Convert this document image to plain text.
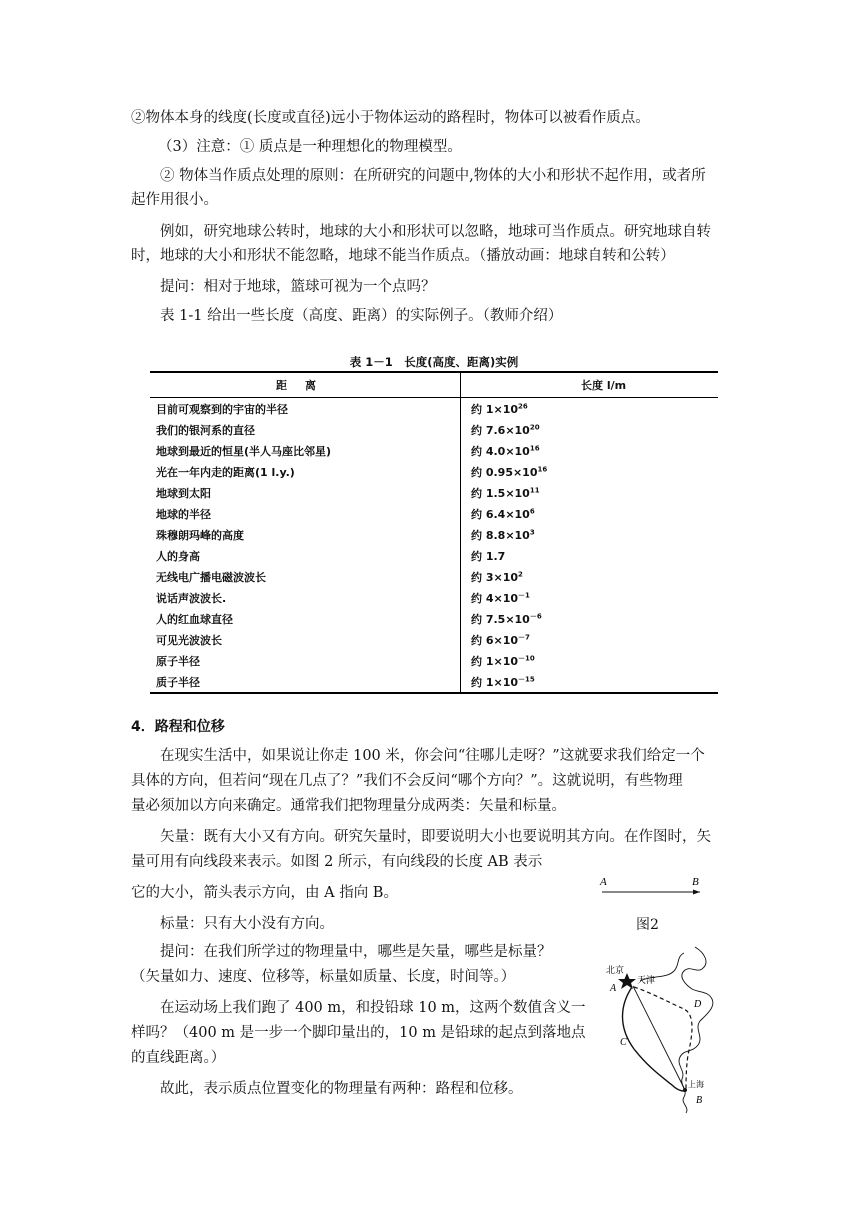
②物体本身的线度(长度或直径)远小于物体运动的路程时，物体可以被看作质点。
（3）注意：① 质点是一种理想化的物理模型。
② 物体当作质点处理的原则：在所研究的问题中,物体的大小和形状不起作用，或者所
起作用很小。
例如，研究地球公转时，地球的大小和形状可以忽略，地球可当作质点。研究地球自转
时，地球的大小和形状不能忽略，地球不能当作质点。（播放动画：地球自转和公转）
提问：相对于地球，篮球可视为一个点吗？
表 1-1 给出一些长度（高度、距离）的实际例子。（教师介绍）
表 1－1　长度(高度、距离)实例
距离	长度 l/m
目前可观察到的宇宙的半径	约 $1\times 10^{26}$
我们的银河系的直径	约 $7.6\times 10^{20}$
地球到最近的恒星(半人马座比邻星)	约 $4.0\times 10^{16}$
光在一年内走的距离(1 l.y.)	约 $0.95\times 10^{16}$
地球到太阳	约 $1.5\times 10^{11}$
地球的半径	约 $6.4\times 10^6$
珠穆朗玛峰的高度	约 $8.8\times 10^3$
人的身高	约 1.7
无线电广播电磁波波长	约 $3\times 10^2$
说话声波波长.	约 $4\times 10^{-1}$
人的红血球直径	约 $7.5\times 10^{-6}$
可见光波波长	约 $6\times 10^{-7}$
原子半径	约 $1\times 10^{-10}$
质子半径	约 $1\times 10^{-15}$
4．路程和位移
在现实生活中，如果说让你走 100 米，你会问“往哪儿走呀？”这就要求我们给定一个
具体的方向，但若问“现在几点了？”我们不会反问“哪个方向？”。这就说明，有些物理
量必须加以方向来确定。通常我们把物理量分成两类：矢量和标量。
矢量：既有大小又有方向。研究矢量时，即要说明大小也要说明其方向。在作图时，矢
量可用有向线段来表示。如图 2 所示，有向线段的长度 AB 表示
它的大小，箭头表示方向，由 A 指向 B。
标量：只有大小没有方向。
提问：在我们所学过的物理量中，哪些是矢量，哪些是标量？
（矢量如力、速度、位移等，标量如质量、长度，时间等。）
在运动场上我们跑了 400 m，和投铅球 10 m，这两个数值含义一
样吗？（400 m 是一步一个脚印量出的，10 m 是铅球的起点到落地点
的直线距离。）
故此，表示质点位置变化的物理量有两种：路程和位移。
A	B
图2
北京
天津
A
D
C
上海
B
